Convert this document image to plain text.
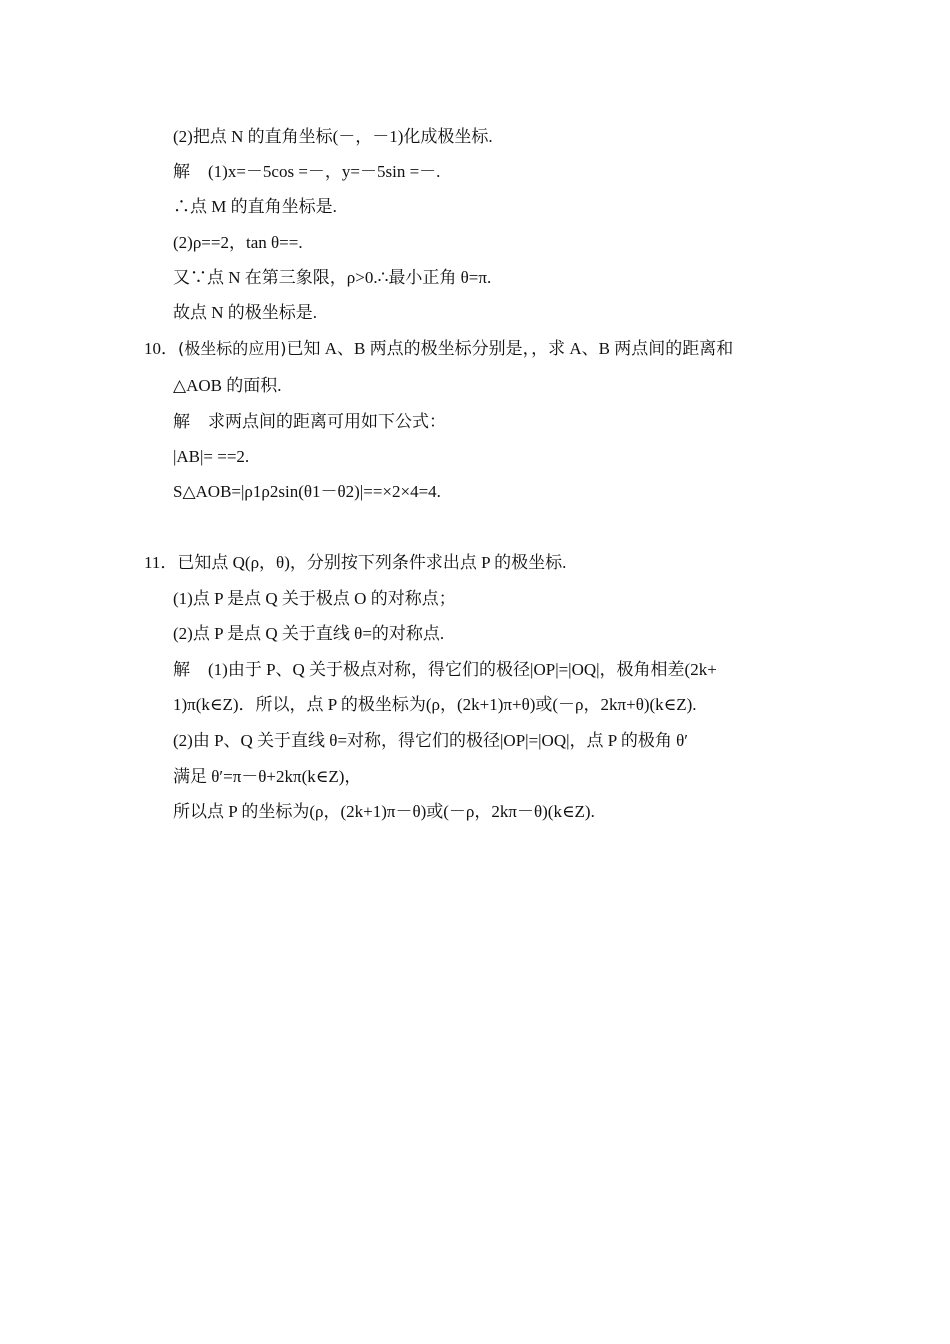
(2)把点 N 的直角坐标(－，－1)化成极坐标.
解 (1)x=－5cos =－，y=－5sin =－.
∴点 M 的直角坐标是.
(2)ρ==2，tan θ==.
又∵点 N 在第三象限，ρ>0.∴最小正角 θ=π.
故点 N 的极坐标是.
10．(极坐标的应用)已知 A、B 两点的极坐标分别是，，求 A、B 两点间的距离和
△AOB 的面积.
解 求两点间的距离可用如下公式：
|AB|= ==2.
S△AOB=|ρ1ρ2sin(θ1－θ2)|==×2×4=4.
11．已知点 Q(ρ，θ)，分别按下列条件求出点 P 的极坐标.
(1)点 P 是点 Q 关于极点 O 的对称点；
(2)点 P 是点 Q 关于直线 θ=的对称点.
解 (1)由于 P、Q 关于极点对称，得它们的极径|OP|=|OQ|，极角相差(2k+
1)π(k∈Z)．所以，点 P 的极坐标为(ρ，(2k+1)π+θ)或(－ρ，2kπ+θ)(k∈Z).
(2)由 P、Q 关于直线 θ=对称，得它们的极径|OP|=|OQ|，点 P 的极角 θ′
满足 θ′=π－θ+2kπ(k∈Z)，
所以点 P 的坐标为(ρ，(2k+1)π－θ)或(－ρ，2kπ－θ)(k∈Z).
